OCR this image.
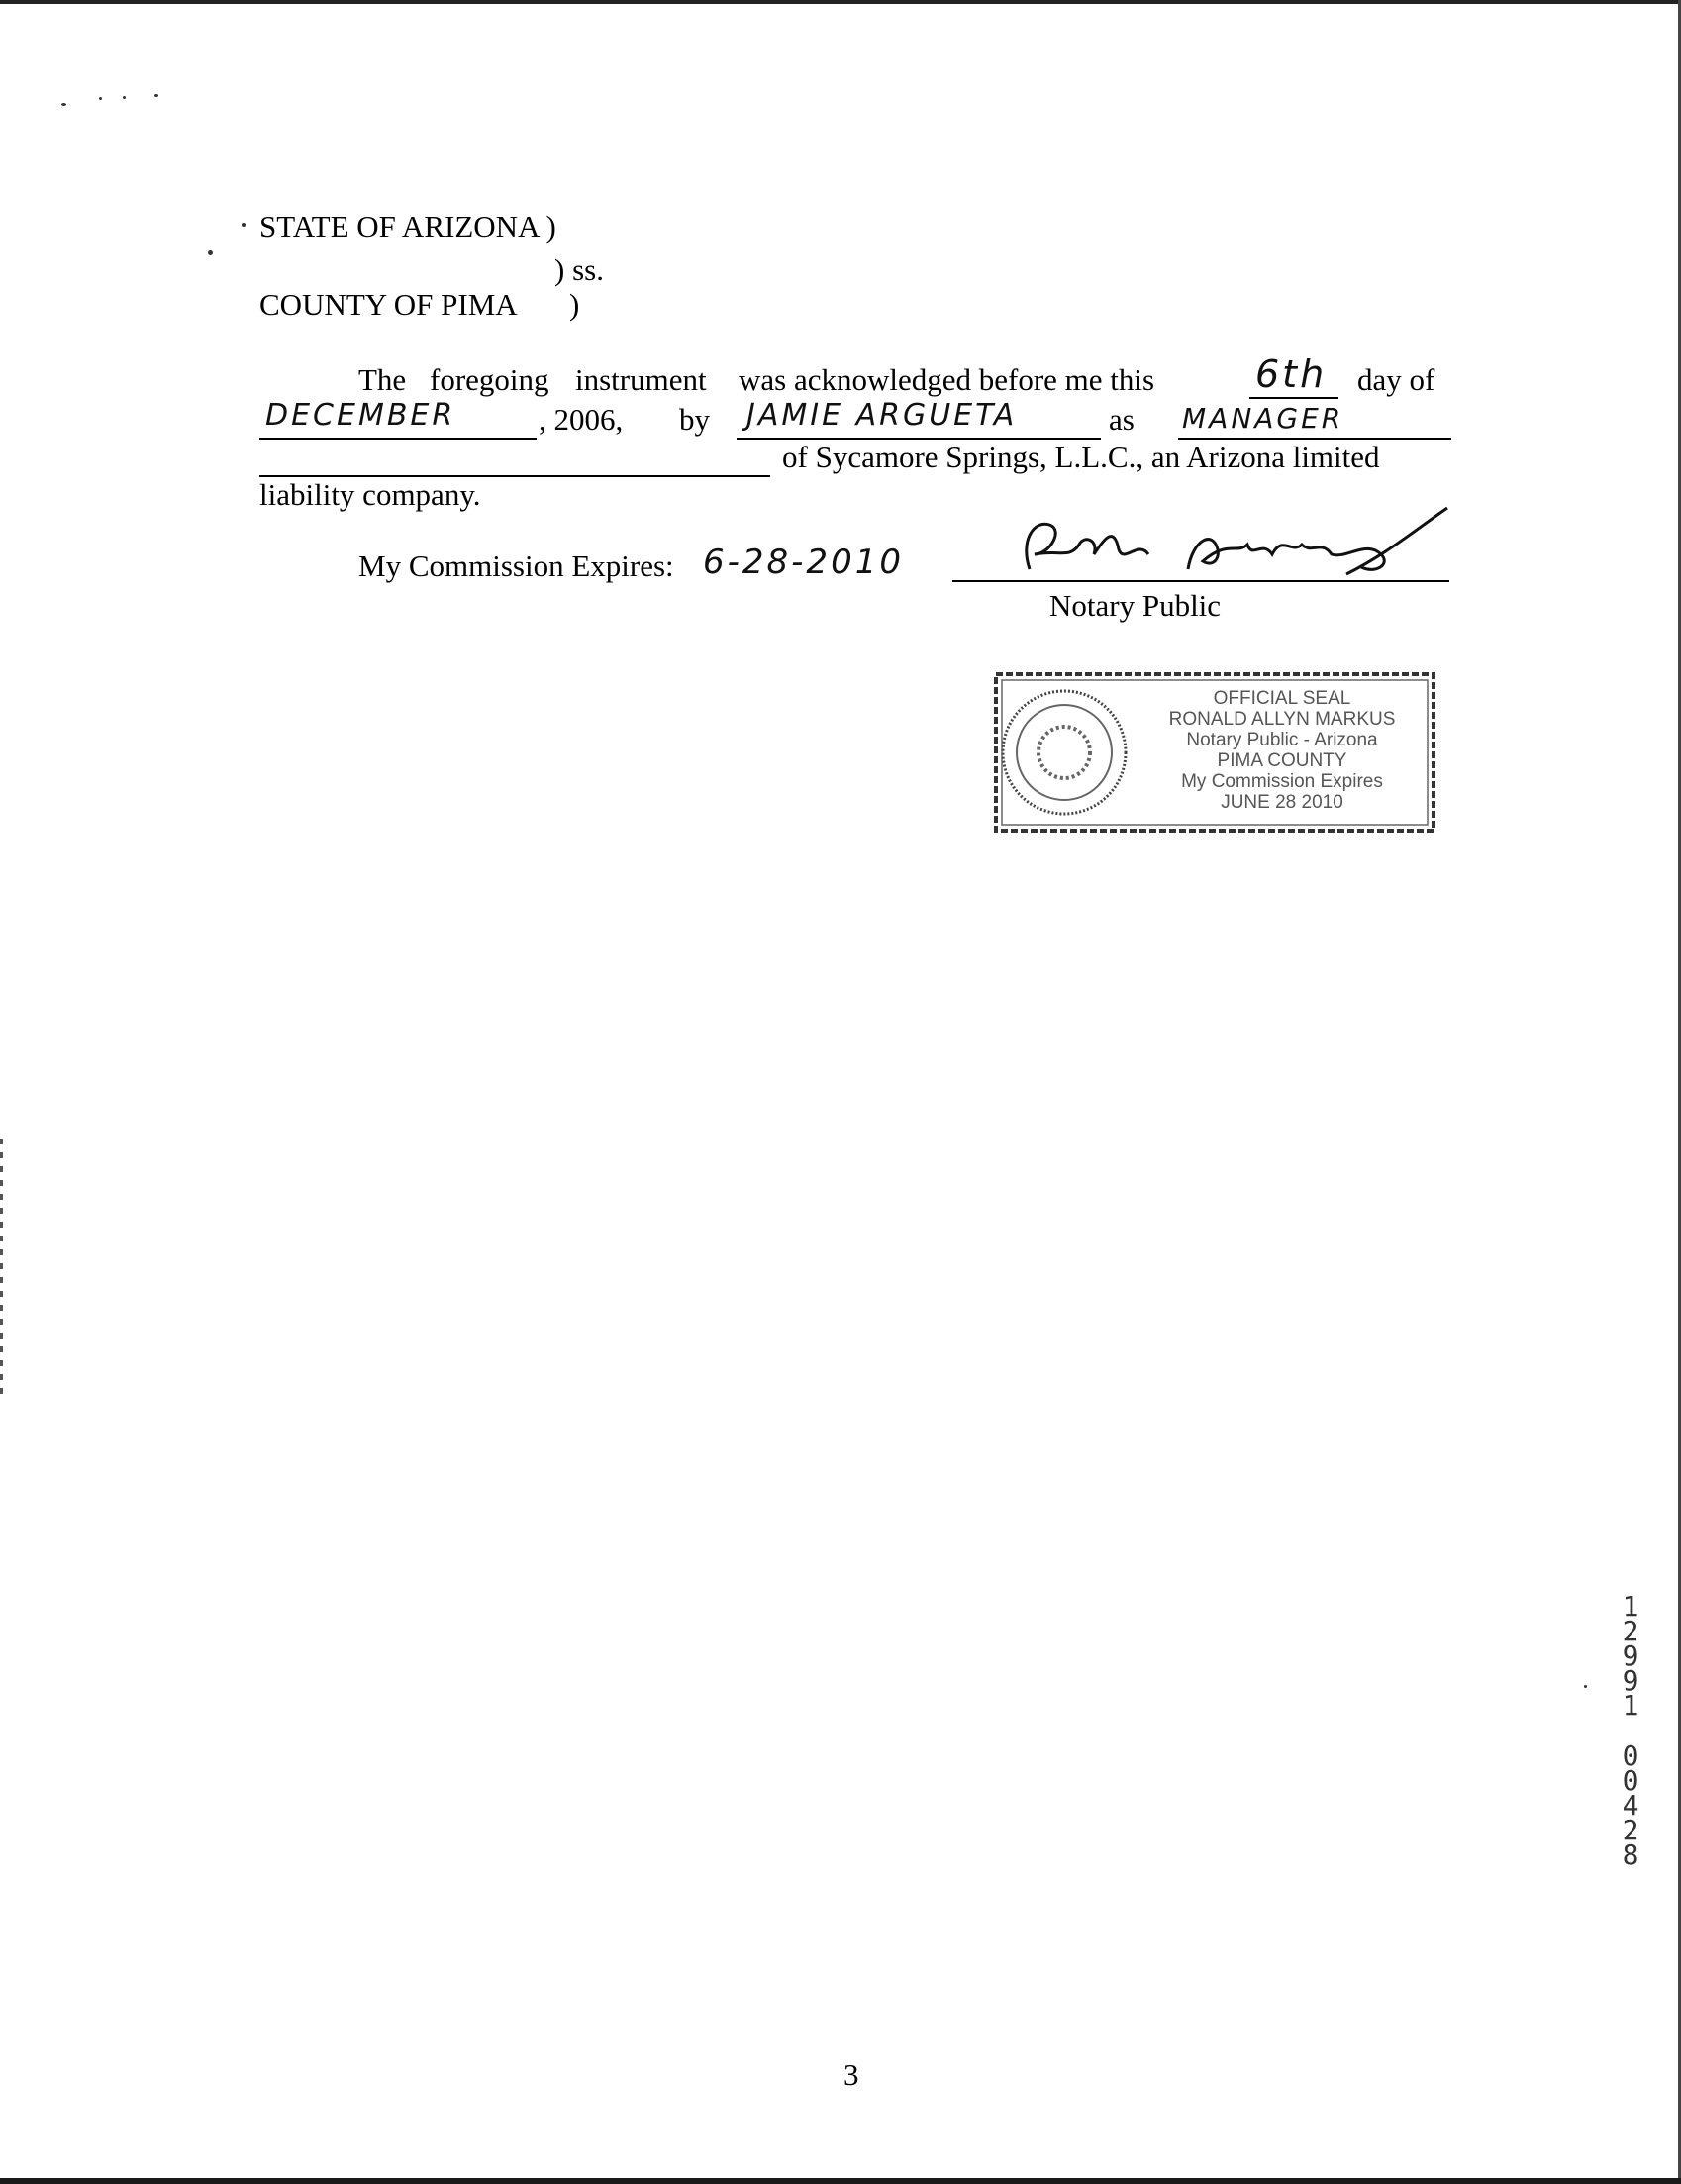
STATE OF ARIZONA )
) ss.
COUNTY OF PIMA )
The foregoing instrument was acknowledged before me this	6th day of
DECEMBER	, 2006, by JAMIE ARGUETA	as MANAGER
of Sycamore Springs, L.L.C., an Arizona limited
liability company.
My Commission Expires: 6-28-2010
Notary Public
OFFICIAL SEAL
RONALD ALLYN MARKUS
Notary Public - Arizona
PIMA COUNTY
My Commission Expires
JUNE 28 2010
1
2
9
9
1
0
0
4
2
8
3
